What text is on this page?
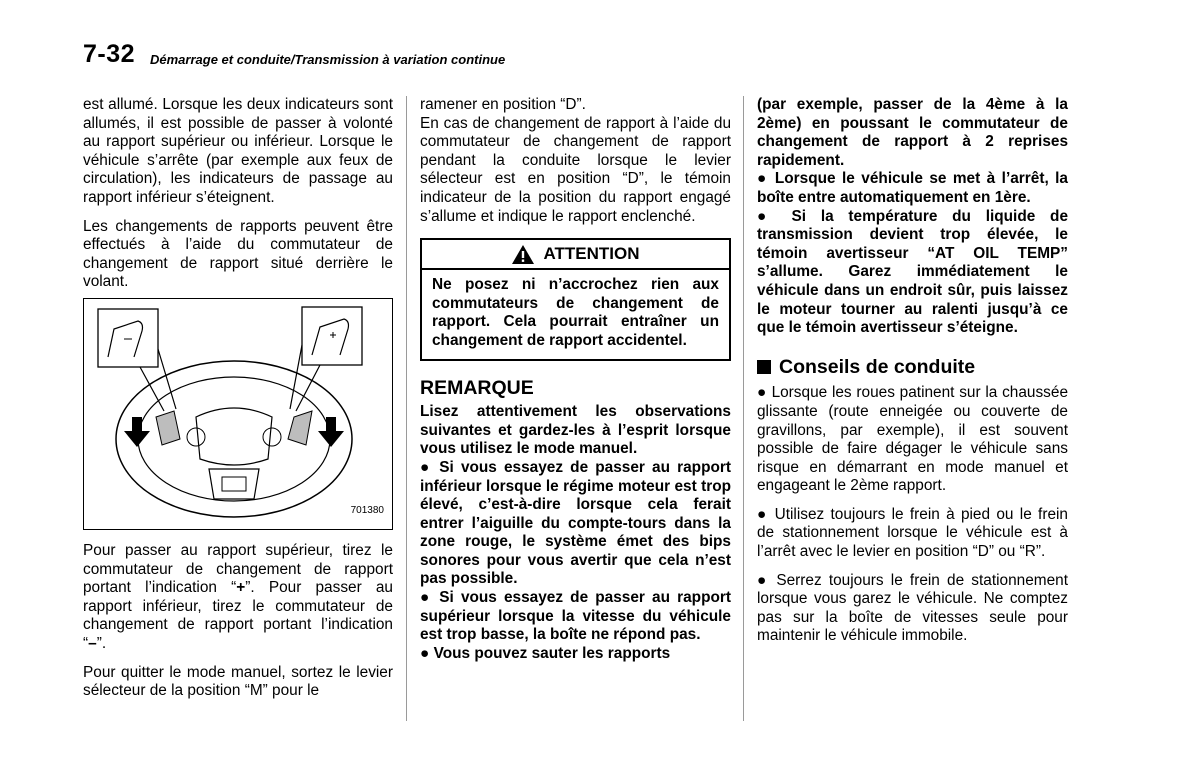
7-32 Démarrage et conduite/Transmission à variation continue

est allumé. Lorsque les deux indicateurs sont allumés, il est possible de passer à volonté au rapport supérieur ou inférieur. Lorsque le véhicule s’arrête (par exemple aux feux de circulation), les indicateurs de passage au rapport inférieur s’éteignent.

Les changements de rapports peuvent être effectués à l’aide du commutateur de changement de rapport situé derrière le volant.

701380

Pour passer au rapport supérieur, tirez le commutateur de changement de rapport portant l’indication “+”. Pour passer au rapport inférieur, tirez le commutateur de changement de rapport portant l’indication “–”.

Pour quitter le mode manuel, sortez le levier sélecteur de la position “M” pour le

ramener en position “D”.

En cas de changement de rapport à l’aide du commutateur de changement de rapport pendant la conduite lorsque le levier sélecteur est en position “D”, le témoin indicateur de la position du rapport engagé s’allume et indique le rapport enclenché.

ATTENTION
Ne posez ni n’accrochez rien aux commutateurs de changement de rapport. Cela pourrait entraîner un changement de rapport accidentel.
REMARQUE

Lisez attentivement les observations suivantes et gardez-les à l’esprit lorsque vous utilisez le mode manuel.

● Si vous essayez de passer au rapport inférieur lorsque le régime moteur est trop élevé, c’est-à-dire lorsque cela ferait entrer l’aiguille du compte-tours dans la zone rouge, le système émet des bips sonores pour vous avertir que cela n’est pas possible.

● Si vous essayez de passer au rapport supérieur lorsque la vitesse du véhicule est trop basse, la boîte ne répond pas.

● Vous pouvez sauter les rapports

(par exemple, passer de la 4ème à la 2ème) en poussant le commutateur de changement de rapport à 2 reprises rapidement.

● Lorsque le véhicule se met à l’arrêt, la boîte entre automatiquement en 1ère.

● Si la température du liquide de transmission devient trop élevée, le témoin avertisseur “AT OIL TEMP” s’allume. Garez immédiatement le véhicule dans un endroit sûr, puis laissez le moteur tourner au ralenti jusqu’à ce que le témoin avertisseur s’éteigne.

Conseils de conduite

● Lorsque les roues patinent sur la chaussée glissante (route enneigée ou couverte de gravillons, par exemple), il est souvent possible de faire dégager le véhicule sans risque en démarrant en mode manuel et engageant le 2ème rapport.

● Utilisez toujours le frein à pied ou le frein de stationnement lorsque le véhicule est à l’arrêt avec le levier en position “D” ou “R”.

● Serrez toujours le frein de stationnement lorsque vous garez le véhicule. Ne comptez pas sur la boîte de vitesses seule pour maintenir le véhicule immobile.
